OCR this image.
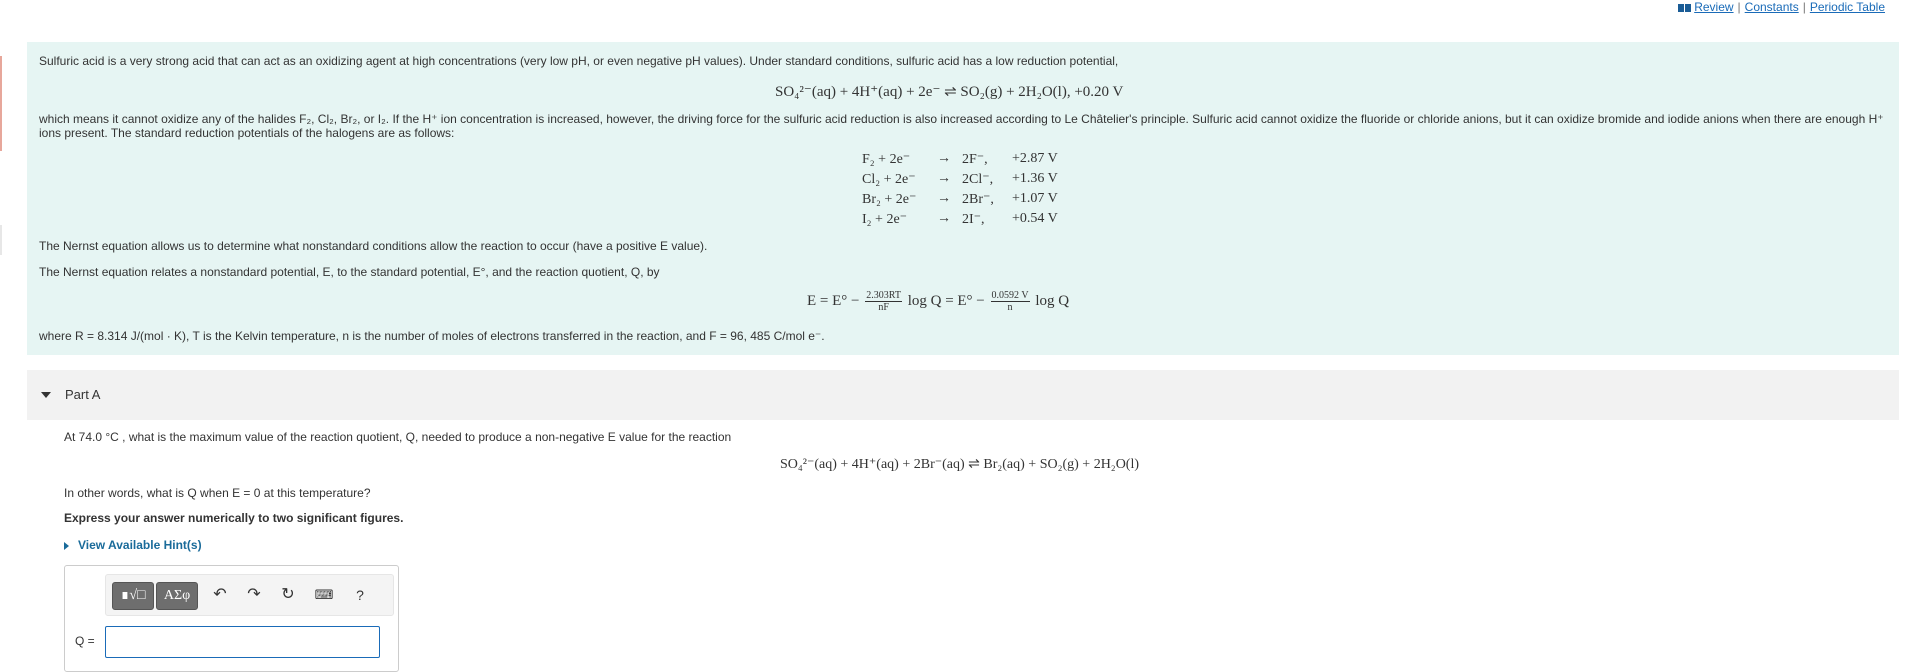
Review | Constants | Periodic Table

Sulfuric acid is a very strong acid that can act as an oxidizing agent at high concentrations (very low pH, or even negative pH values). Under standard conditions, sulfuric acid has a low reduction potential,

SO₄²⁻(aq) + 4H⁺(aq) + 2e⁻ ⇌ SO₂(g) + 2H₂O(l), +0.20 V

which means it cannot oxidize any of the halides F₂, Cl₂, Br₂, or I₂. If the H⁺ ion concentration is increased, however, the driving force for the sulfuric acid reduction is also increased according to Le Châtelier's principle. Sulfuric acid cannot oxidize the fluoride or chloride anions, but it can oxidize bromide and iodide anions when there are enough H⁺

ions present. The standard reduction potentials of the halogens are as follows:

F₂ + 2e⁻ → 2F⁻, +2.87 V
Cl₂ + 2e⁻ → 2Cl⁻, +1.36 V
Br₂ + 2e⁻ → 2Br⁻, +1.07 V
I₂ + 2e⁻ → 2I⁻, +0.54 V

The Nernst equation allows us to determine what nonstandard conditions allow the reaction to occur (have a positive E value).

The Nernst equation relates a nonstandard potential, E, to the standard potential, E°, and the reaction quotient, Q, by

$E = E^\circ - \frac{2.303RT}{nF}$ $\log Q = E^\circ - \frac{0.0592 V}{n}$ log Q

where R = 8.314 J/(mol · K), T is the Kelvin temperature, n is the number of moles of electrons transferred in the reaction, and F = 96, 485 C/mol e⁻.

Part A
At 74.0 °C , what is the maximum value of the reaction quotient, Q, needed to produce a non-negative E value for the reaction
SO₄²⁻(aq) + 4H⁺(aq) + 2Br⁻(aq) ⇌ Br₂(aq) + SO₂(g) + 2H₂O(l)
In other words, what is Q when E = 0 at this temperature?
Express your answer numerically to two significant figures.
View Available Hint(s)
∎√□	ΑΣφ	↶ ↷ ↻ ⌨	?
Q =
